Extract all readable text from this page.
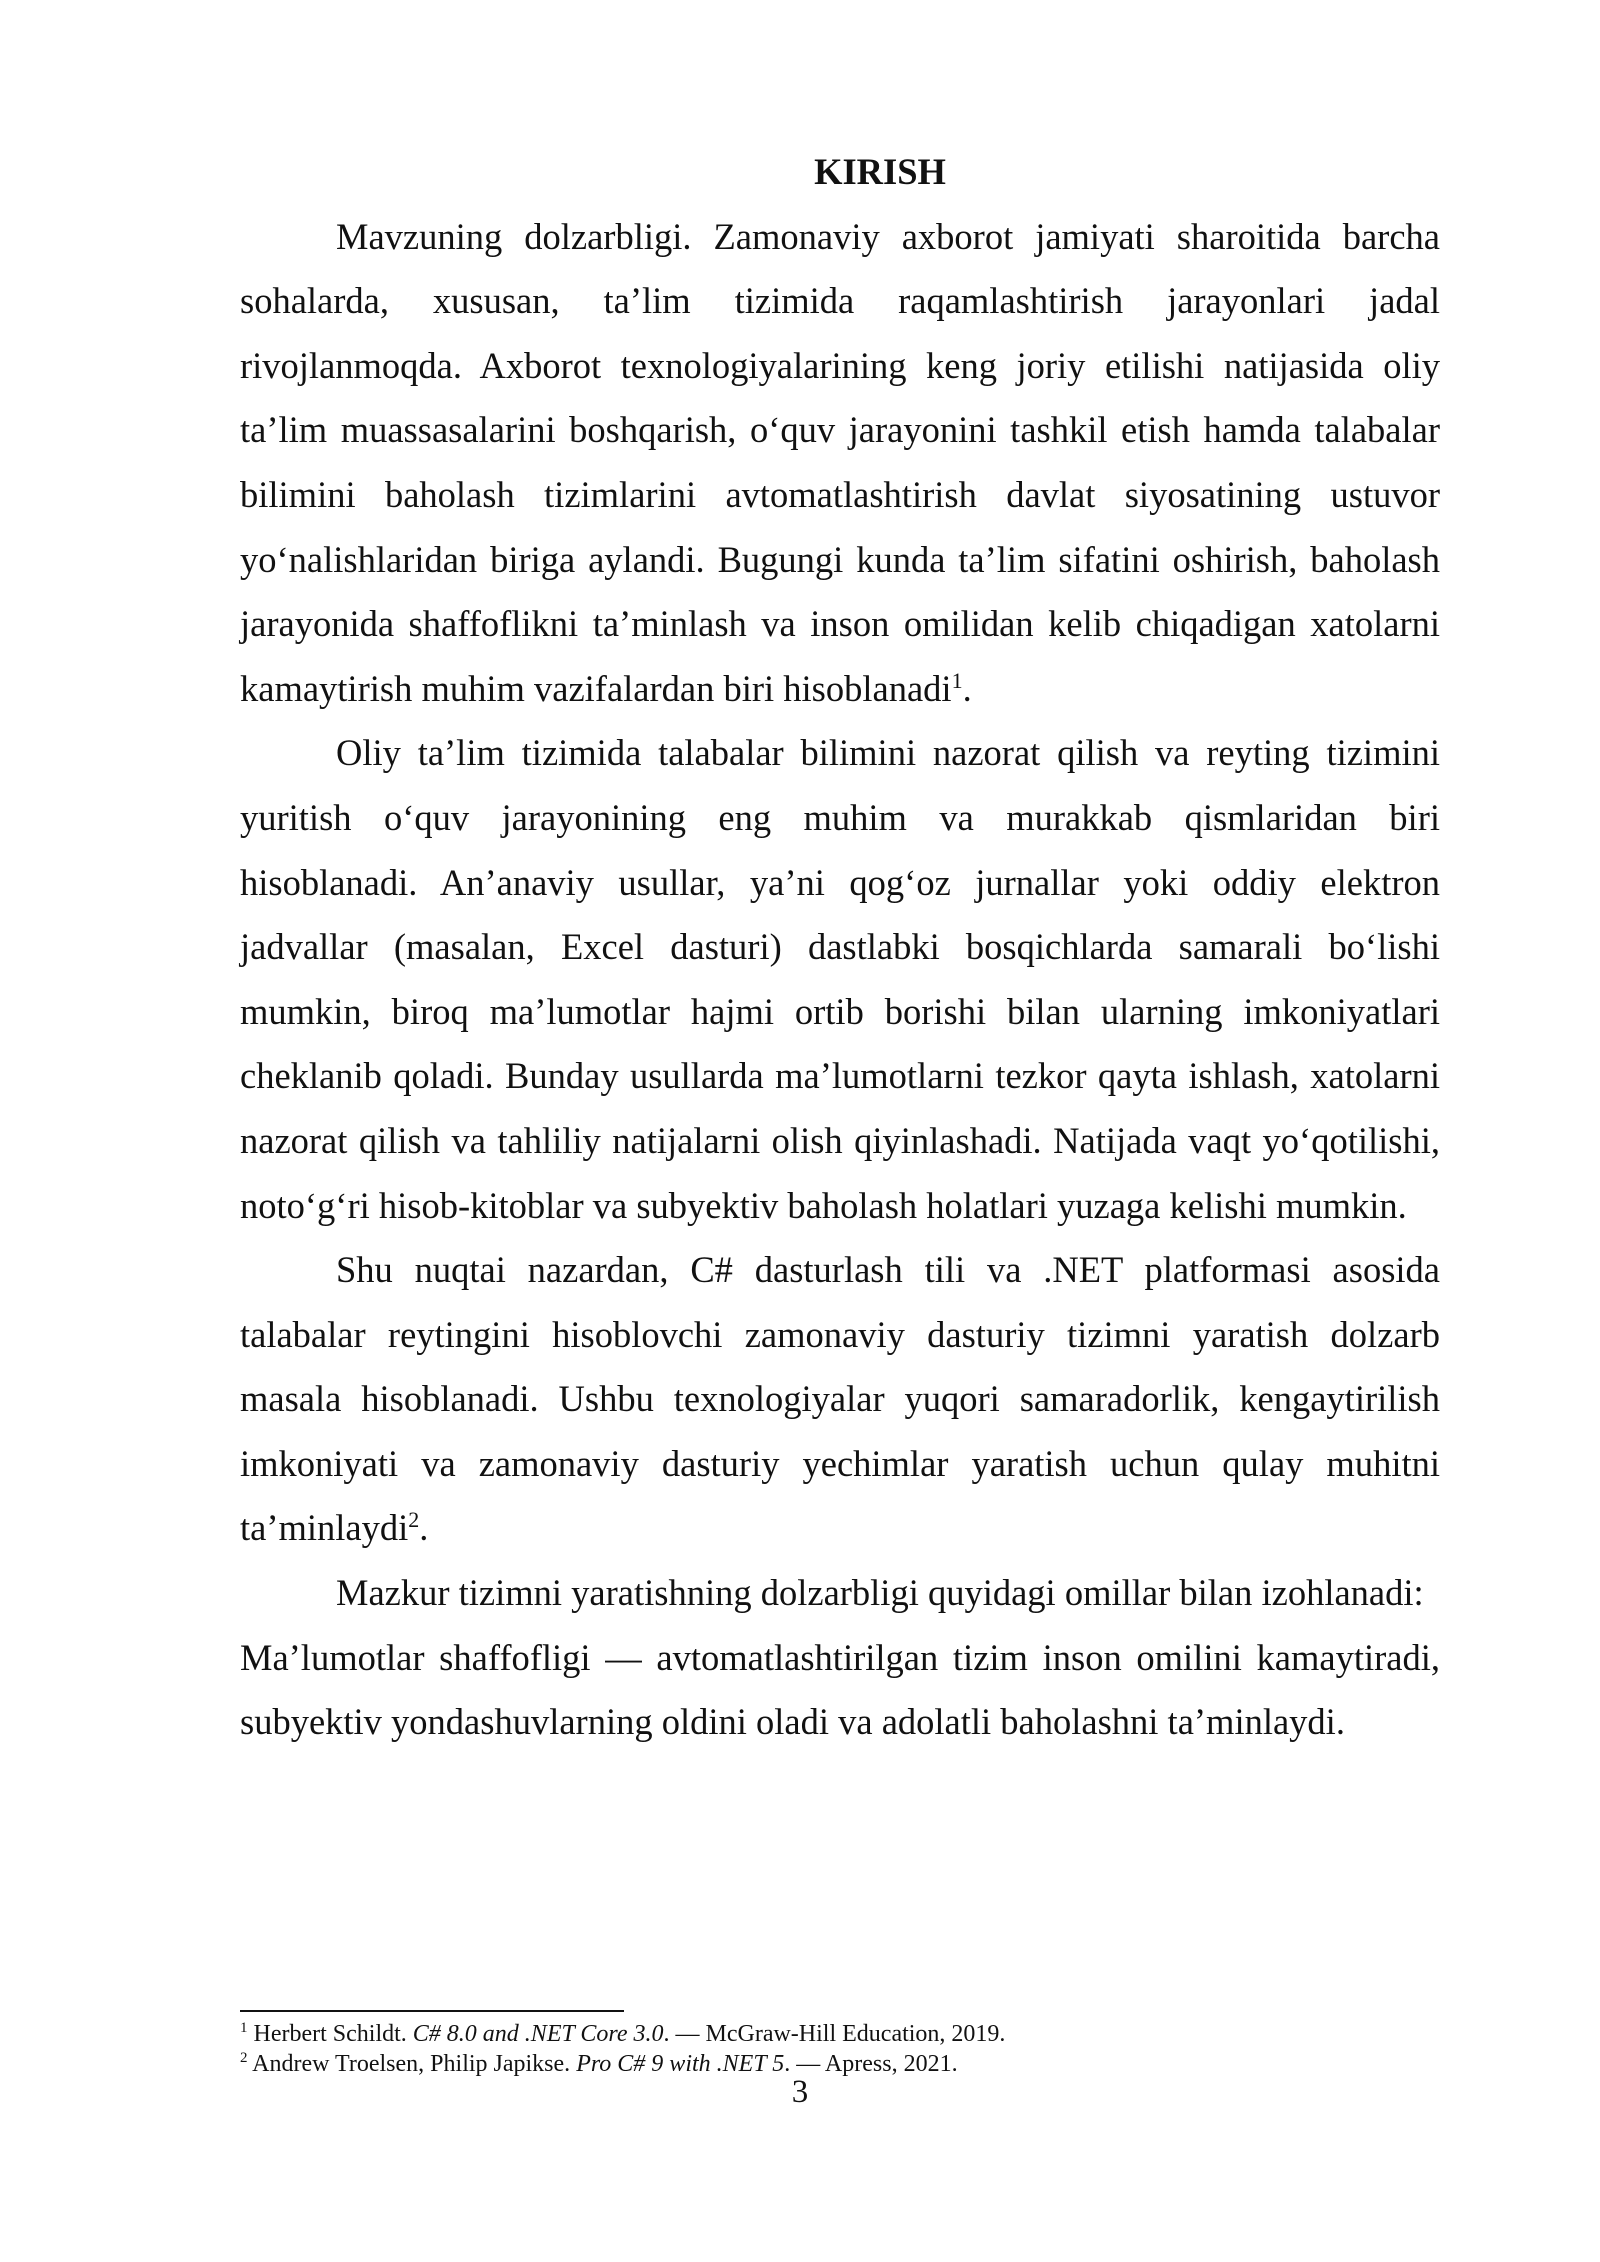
KIRISH

Mavzuning dolzarbligi. Zamonaviy axborot jamiyati sharoitida barcha sohalarda, xususan, ta’lim tizimida raqamlashtirish jarayonlari jadal rivojlanmoqda. Axborot texnologiyalarining keng joriy etilishi natijasida oliy ta’lim muassasalarini boshqarish, o‘quv jarayonini tashkil etish hamda talabalar bilimini baholash tizimlarini avtomatlashtirish davlat siyosatining ustuvor yo‘nalishlaridan biriga aylandi. Bugungi kunda ta’lim sifatini oshirish, baholash jarayonida shaffoflikni ta’minlash va inson omilidan kelib chiqadigan xatolarni kamaytirish muhim vazifalardan biri hisoblanadi$^1$.

Oliy ta’lim tizimida talabalar bilimini nazorat qilish va reyting tizimini yuritish o‘quv jarayonining eng muhim va murakkab qismlaridan biri hisoblanadi. An’anaviy usullar, ya’ni qog‘oz jurnallar yoki oddiy elektron jadvallar (masalan, Excel dasturi) dastlabki bosqichlarda samarali bo‘lishi mumkin, biroq ma’lumotlar hajmi ortib borishi bilan ularning imkoniyatlari cheklanib qoladi. Bunday usullarda ma’lumotlarni tezkor qayta ishlash, xatolarni nazorat qilish va tahliliy natijalarni olish qiyinlashadi. Natijada vaqt yo‘qotilishi, noto‘g‘ri hisob-kitoblar va subyektiv baholash holatlari yuzaga kelishi mumkin.

Shu nuqtai nazardan, C# dasturlash tili va .NET platformasi asosida talabalar reytingini hisoblovchi zamonaviy dasturiy tizimni yaratish dolzarb masala hisoblanadi. Ushbu texnologiyalar yuqori samaradorlik, kengaytirilish imkoniyati va zamonaviy dasturiy yechimlar yaratish uchun qulay muhitni ta’minlaydi$^2$.

Mazkur tizimni yaratishning dolzarbligi quyidagi omillar bilan izohlanadi:

Ma’lumotlar shaffofligi — avtomatlashtirilgan tizim inson omilini kamaytiradi, subyektiv yondashuvlarning oldini oladi va adolatli baholashni ta’minlaydi.

$^1$ Herbert Schildt. C# 8.0 and .NET Core 3.0. — McGraw-Hill Education, 2019.

$^2$ Andrew Troelsen, Philip Japikse. Pro C# 9 with .NET 5. — Apress, 2021.

3
